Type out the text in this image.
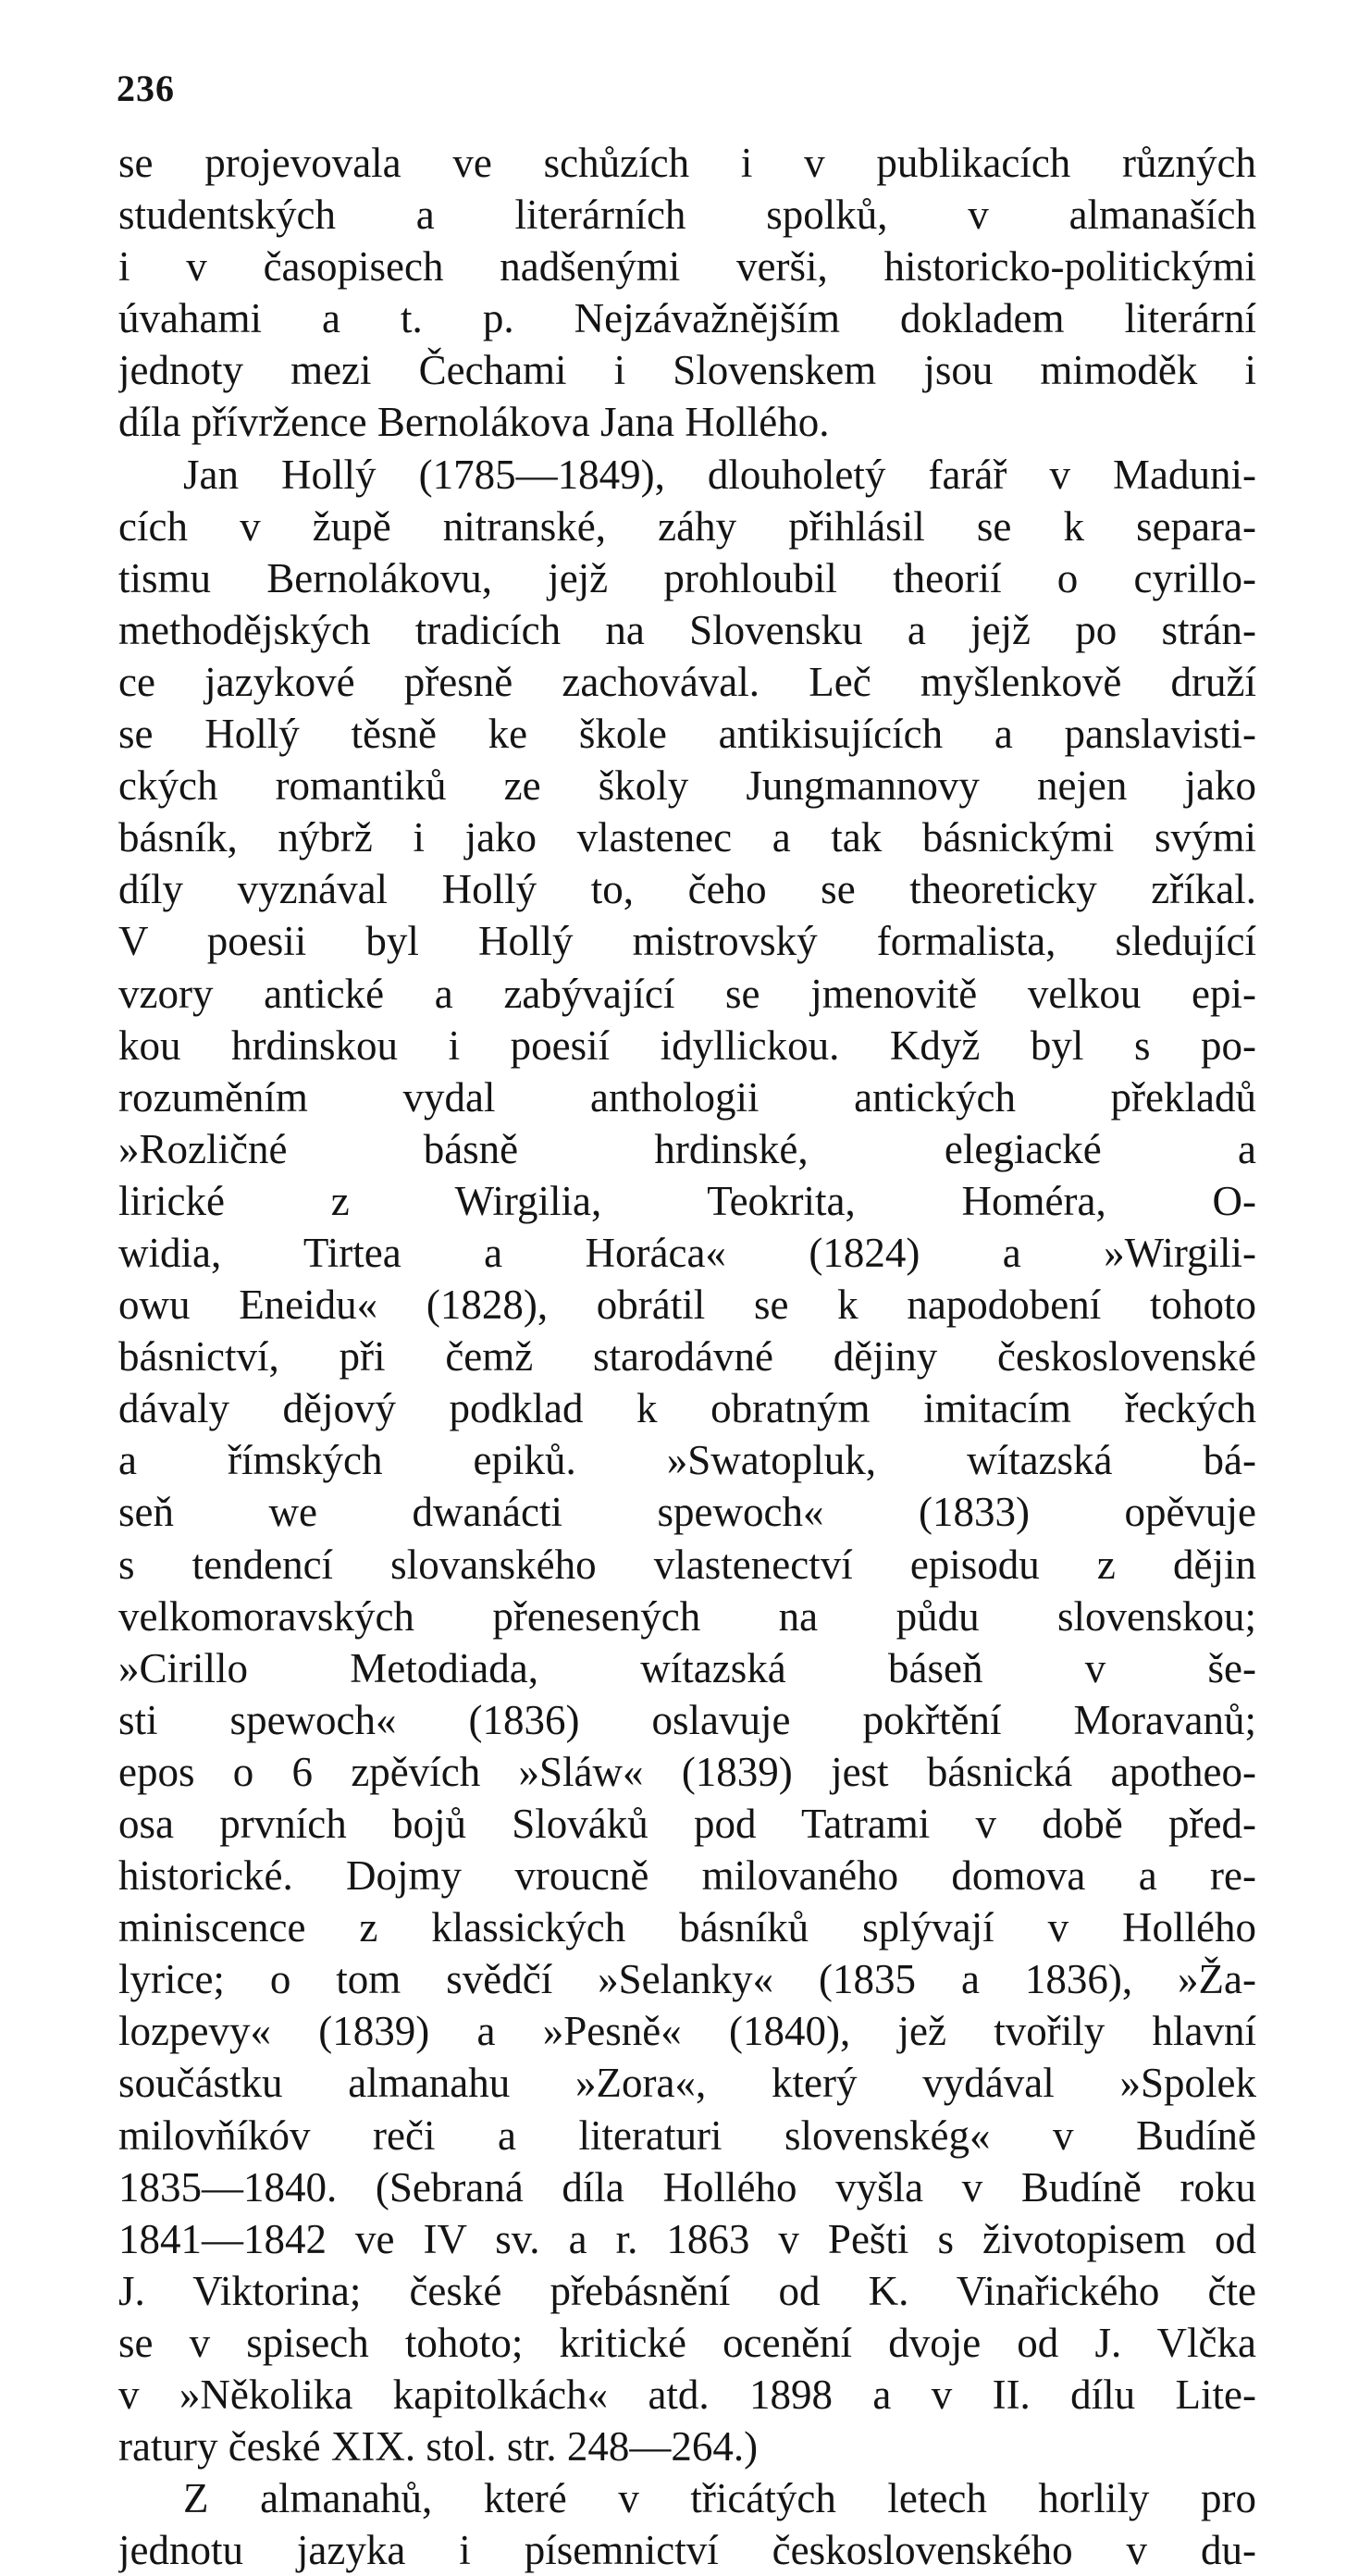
236
se projevovala ve schůzích i v publikacích různých
studentských a literárních spolků, v almanaších
i v časopisech nadšenými verši, historicko-politickými
úvahami a t. p. Nejzávažnějším dokladem literární
jednoty mezi Čechami i Slovenskem jsou mimoděk i
díla přívržence Bernolákova Jana Hollého.
Jan Hollý (1785—1849), dlouholetý farář v Maduni-
cích v župě nitranské, záhy přihlásil se k separa-
tismu Bernolákovu, jejž prohloubil theorií o cyrillo-
methodějských tradicích na Slovensku a jejž po strán-
ce jazykové přesně zachovával. Leč myšlenkově druží
se Hollý těsně ke škole antikisujících a panslavisti-
ckých romantiků ze školy Jungmannovy nejen jako
básník, nýbrž i jako vlastenec a tak básnickými svými
díly vyznával Hollý to, čeho se theoreticky zříkal.
V poesii byl Hollý mistrovský formalista, sledující
vzory antické a zabývající se jmenovitě velkou epi-
kou hrdinskou i poesií idyllickou. Když byl s po-
rozuměním vydal anthologii antických překladů
»Rozličné básně hrdinské, elegiacké a
lirické z Wirgilia, Teokrita, Homéra, O-
widia, Tirtea a Horáca« (1824) a »Wirgili-
owu Eneidu« (1828), obrátil se k napodobení tohoto
básnictví, při čemž starodávné dějiny československé
dávaly dějový podklad k obratným imitacím řeckých
a římských epiků. »Swatopluk, wítazská bá-
seň we dwanácti spewoch« (1833) opěvuje
s tendencí slovanského vlastenectví episodu z dějin
velkomoravských přenesených na půdu slovenskou;
»Cirillo Metodiada, wítazská báseň v še-
sti spewoch« (1836) oslavuje pokřtění Moravanů;
epos o 6 zpěvích »Sláw« (1839) jest básnická apotheo-
osa prvních bojů Slováků pod Tatrami v době před-
historické. Dojmy vroucně milovaného domova a re-
miniscence z klassických básníků splývají v Hollého
lyrice; o tom svědčí »Selanky« (1835 a 1836), »Ža-
lozpevy« (1839) a »Pesně« (1840), jež tvořily hlavní
součástku almanahu »Zora«, který vydával »Spolek
milovňíkóv reči a literaturi slovenskég« v Budíně
1835—1840. (Sebraná díla Hollého vyšla v Budíně roku
1841—1842 ve IV sv. a r. 1863 v Pešti s životopisem od
J. Viktorina; české přebásnění od K. Vinařického čte
se v spisech tohoto; kritické ocenění dvoje od J. Vlčka
v »Několika kapitolkách« atd. 1898 a v II. dílu Lite-
ratury české XIX. stol. str. 248—264.)
Z almanahů, které v třicátých letech horlily pro
jednotu jazyka i písemnictví československého v du-
